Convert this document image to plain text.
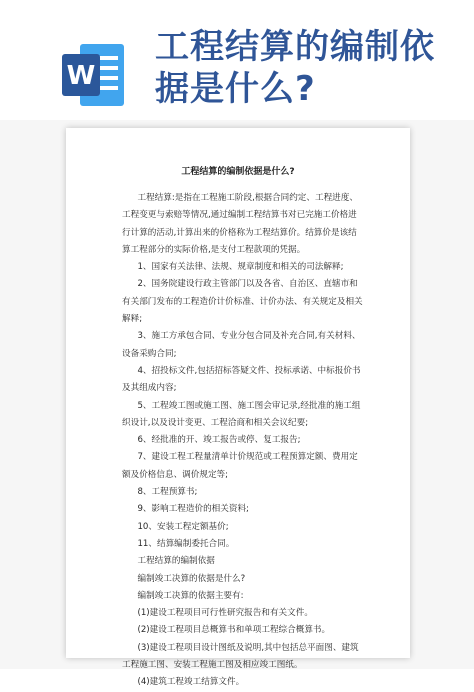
W
工程结算的编制依据是什么?
工程结算的编制依据是什么?

工程结算:是指在工程施工阶段,根据合同约定、工程进度、工程变更与索赔等情况,通过编制工程结算书对已完施工价格进行计算的活动,计算出来的价格称为工程结算价。结算价是该结算工程部分的实际价格,是支付工程款项的凭据。

1、国家有关法律、法规、规章制度和相关的司法解释;

2、国务院建设行政主管部门以及各省、自治区、直辖市和有关部门发布的工程造价计价标准、计价办法、有关规定及相关解释;

3、施工方承包合同、专业分包合同及补充合同,有关材料、设备采购合同;

4、招投标文件,包括招标答疑文件、投标承诺、中标报价书及其组成内容;

5、工程竣工图或施工图、施工图会审记录,经批准的施工组织设计,以及设计变更、工程洽商和相关会议纪要;

6、经批准的开、竣工报告或停、复工报告;

7、建设工程工程量清单计价规范或工程预算定额、费用定额及价格信息、调价规定等;

8、工程预算书;

9、影响工程造价的相关资料;

10、安装工程定额基价;

11、结算编制委托合同。

工程结算的编制依据

编制竣工决算的依据是什么?

编制竣工决算的依据主要有:

(1)建设工程项目可行性研究报告和有关文件。

(2)建设工程项目总概算书和单项工程综合概算书。

(3)建设工程项目设计图纸及说明,其中包括总平面图、建筑工程施工图、安装工程施工图及相应竣工图纸。

(4)建筑工程竣工结算文件。
